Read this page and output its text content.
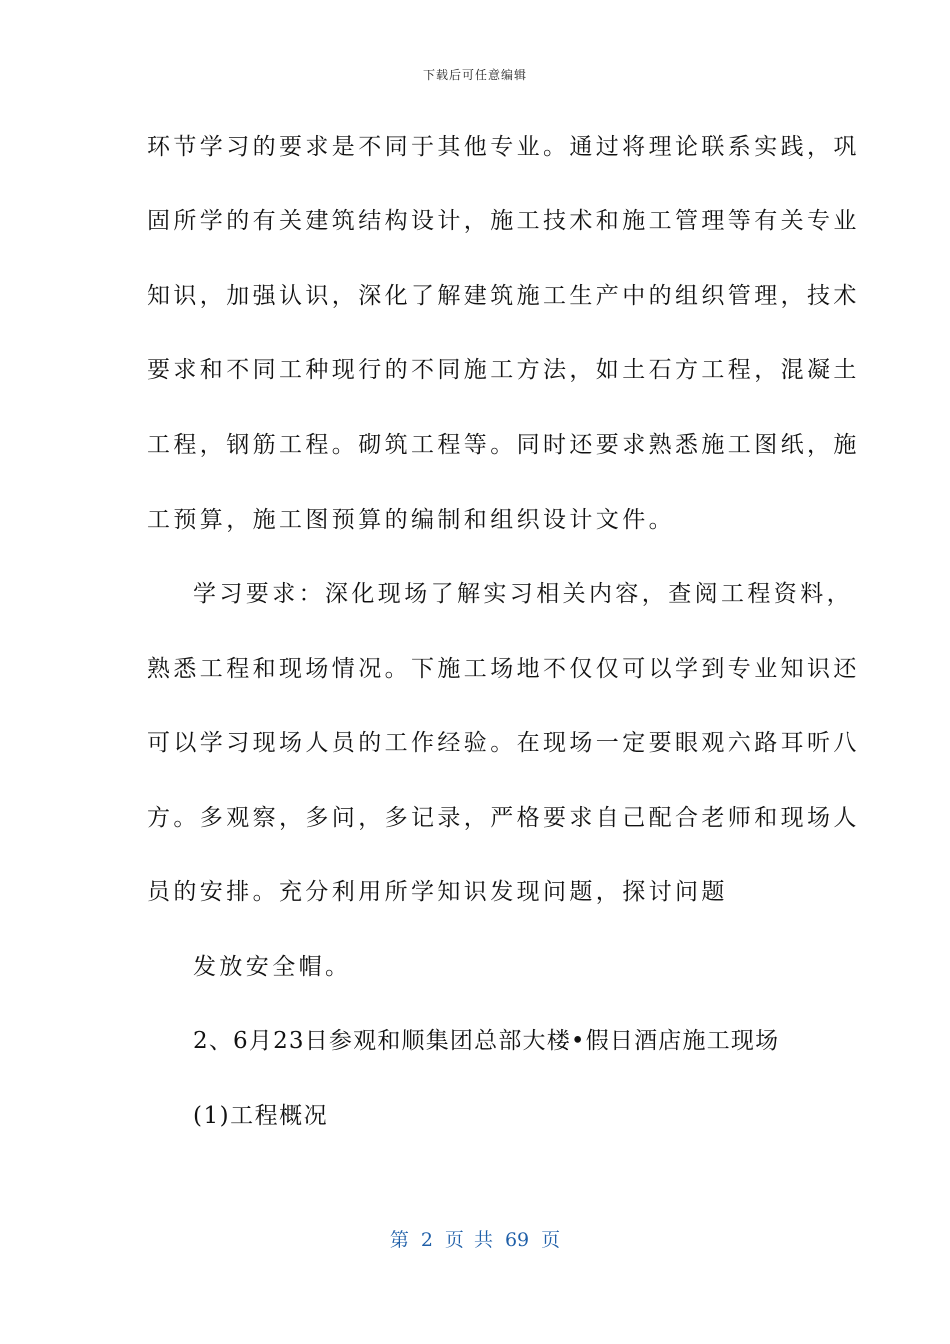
下载后可任意编辑
环节学习的要求是不同于其他专业。通过将理论联系实践，巩
固所学的有关建筑结构设计，施工技术和施工管理等有关专业
知识，加强认识，深化了解建筑施工生产中的组织管理，技术
要求和不同工种现行的不同施工方法，如土石方工程，混凝土
工程，钢筋工程。砌筑工程等。同时还要求熟悉施工图纸，施
工预算，施工图预算的编制和组织设计文件。
学习要求：深化现场了解实习相关内容，查阅工程资料，
熟悉工程和现场情况。下施工场地不仅仅可以学到专业知识还
可以学习现场人员的工作经验。在现场一定要眼观六路耳听八
方。多观察，多问，多记录，严格要求自己配合老师和现场人
员的安排。充分利用所学知识发现问题，探讨问题
发放安全帽。
2、6月23日参观和顺集团总部大楼•假日酒店施工现场
(1)工程概况
第 2 页 共 69 页
